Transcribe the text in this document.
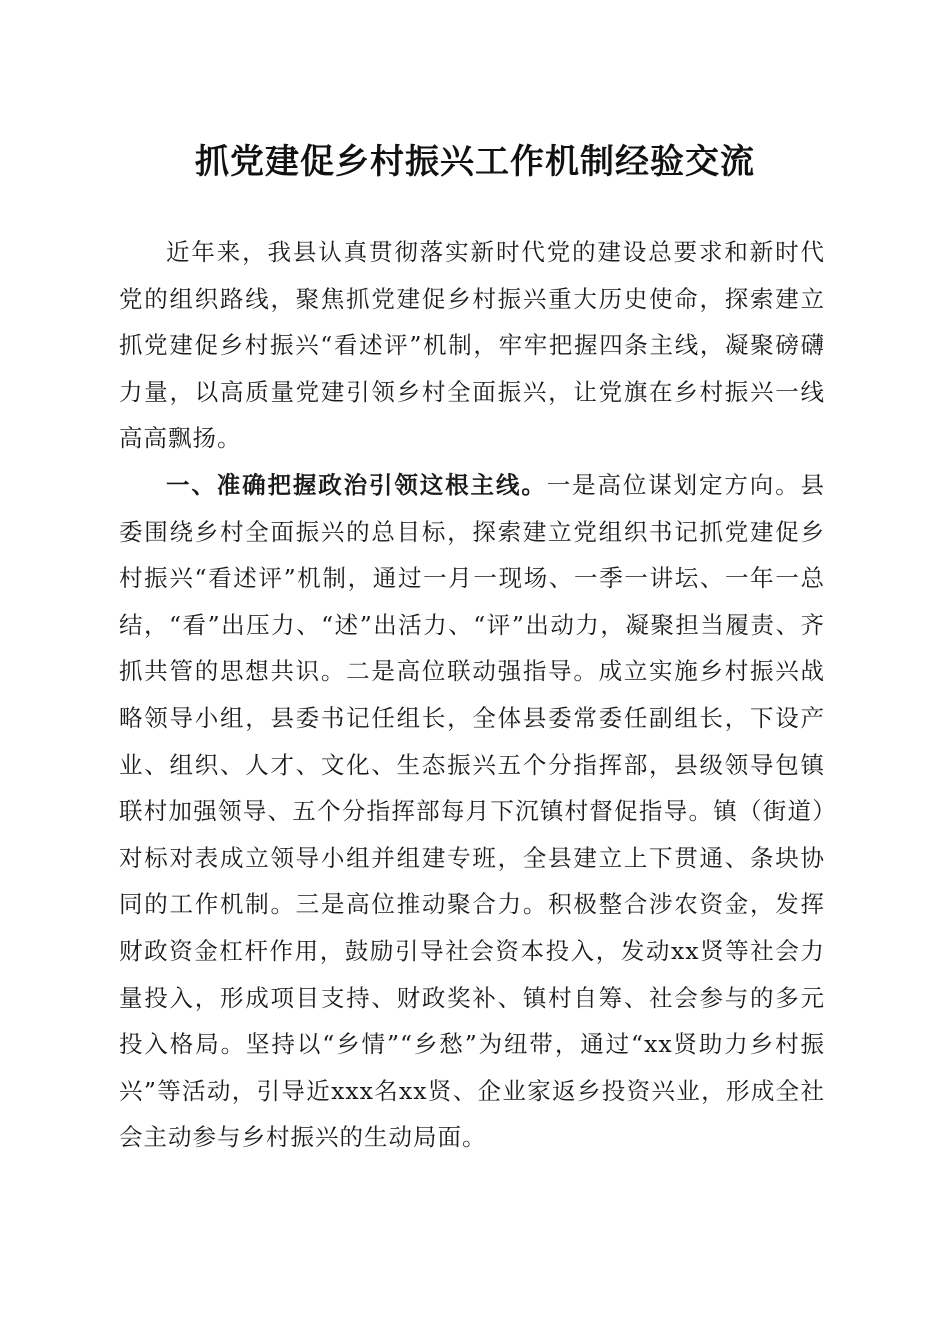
抓党建促乡村振兴工作机制经验交流

近年来，我县认真贯彻落实新时代党的建设总要求和新时代党的组织路线，聚焦抓党建促乡村振兴重大历史使命，探索建立抓党建促乡村振兴“看述评”机制，牢牢把握四条主线，凝聚磅礴力量，以高质量党建引领乡村全面振兴，让党旗在乡村振兴一线高高飘扬。

一、准确把握政治引领这根主线。一是高位谋划定方向。县委围绕乡村全面振兴的总目标，探索建立党组织书记抓党建促乡村振兴“看述评”机制，通过一月一现场、一季一讲坛、一年一总结，“看”出压力、“述”出活力、“评”出动力，凝聚担当履责、齐抓共管的思想共识。二是高位联动强指导。成立实施乡村振兴战略领导小组，县委书记任组长，全体县委常委任副组长，下设产业、组织、人才、文化、生态振兴五个分指挥部，县级领导包镇联村加强领导、五个分指挥部每月下沉镇村督促指导。镇（街道）对标对表成立领导小组并组建专班，全县建立上下贯通、条块协同的工作机制。三是高位推动聚合力。积极整合涉农资金，发挥财政资金杠杆作用，鼓励引导社会资本投入，发动xx贤等社会力量投入，形成项目支持、财政奖补、镇村自筹、社会参与的多元投入格局。坚持以“乡情”“乡愁”为纽带，通过“xx贤助力乡村振兴”等活动，引导近xxx名xx贤、企业家返乡投资兴业，形成全社会主动参与乡村振兴的生动局面。
